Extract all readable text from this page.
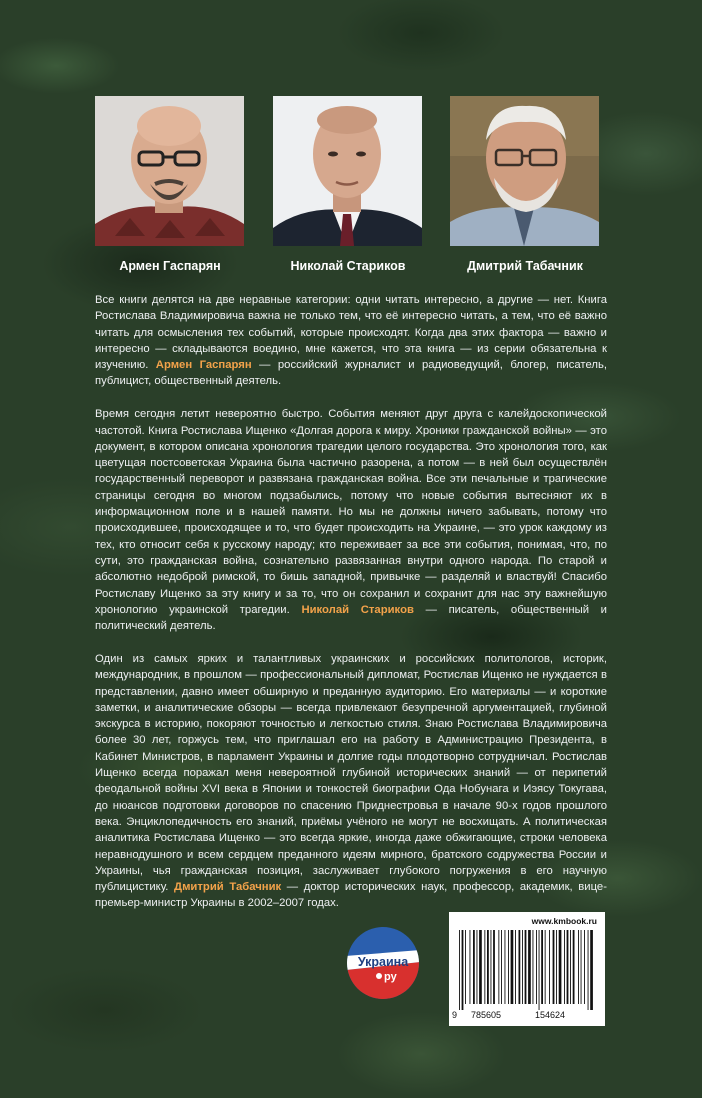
Армен Гаспарян	Николай Стариков	Дмитрий Табачник

Все книги делятся на две неравные категории: одни читать интересно, а другие — нет. Книга Ростислава Владимировича важна не только тем, что её интересно читать, а тем, что её важно читать для осмысления тех событий, которые происходят. Когда два этих фактора — важно и интересно — складываются воедино, мне кажется, что эта книга — из серии обязательна к изучению. Армен Гаспарян — российский журналист и радиоведущий, блогер, писатель, публицист, общественный деятель.

Время сегодня летит невероятно быстро. События меняют друг друга с калейдоскопической частотой. Книга Ростислава Ищенко «Долгая дорога к миру. Хроники гражданской войны» — это документ, в котором описана хронология трагедии целого государства. Это хронология того, как цветущая постсоветская Украина была частично разорена, а потом — в ней был осуществлён государственный переворот и развязана гражданская война. Все эти печальные и трагические страницы сегодня во многом подзабылись, потому что новые события вытесняют их в информационном поле и в нашей памяти. Но мы не должны ничего забывать, потому что происходившее, происходящее и то, что будет происходить на Украине, — это урок каждому из тех, кто относит себя к русскому народу; кто переживает за все эти события, понимая, что, по сути, это гражданская война, сознательно развязанная внутри одного народа. По старой и абсолютно недоброй римской, то бишь западной, привычке — разделяй и властвуй! Спасибо Ростиславу Ищенко за эту книгу и за то, что он сохранил и сохранит для нас эту важнейшую хронологию украинской трагедии. Николай Стариков — писатель, общественный и политический деятель.

Один из самых ярких и талантливых украинских и российских политологов, историк, международник, в прошлом — профессиональный дипломат, Ростислав Ищенко не нуждается в представлении, давно имеет обширную и преданную аудиторию. Его материалы — и короткие заметки, и аналитические обзоры — всегда привлекают безупречной аргументацией, глубиной экскурса в историю, покоряют точностью и легкостью стиля. Знаю Ростислава Владимировича более 30 лет, горжусь тем, что приглашал его на работу в Администрацию Президента, в Кабинет Министров, в парламент Украины и долгие годы плодотворно сотрудничал. Ростислав Ищенко всегда поражал меня невероятной глубиной исторических знаний — от перипетий феодальной войны XVI века в Японии и тонкостей биографии Ода Нобунага и Иэясу Токугава, до нюансов подготовки договоров по спасению Приднестровья в начале 90-х годов прошлого века. Энциклопедичность его знаний, приёмы учёного не могут не восхищать. А политическая аналитика Ростислава Ищенко — это всегда яркие, иногда даже обжигающие, строки человека неравнодушного и всем сердцем преданного идеям мирного, братского содружества России и Украины, чья гражданская позиция, заслуживает глубокого погружения в его научную публицистику. Дмитрий Табачник — доктор исторических наук, профессор, академик, вице-премьер-министр Украины в 2002–2007 годах.

Украина
ру
www.kmbook.ru
9 785605	154624
